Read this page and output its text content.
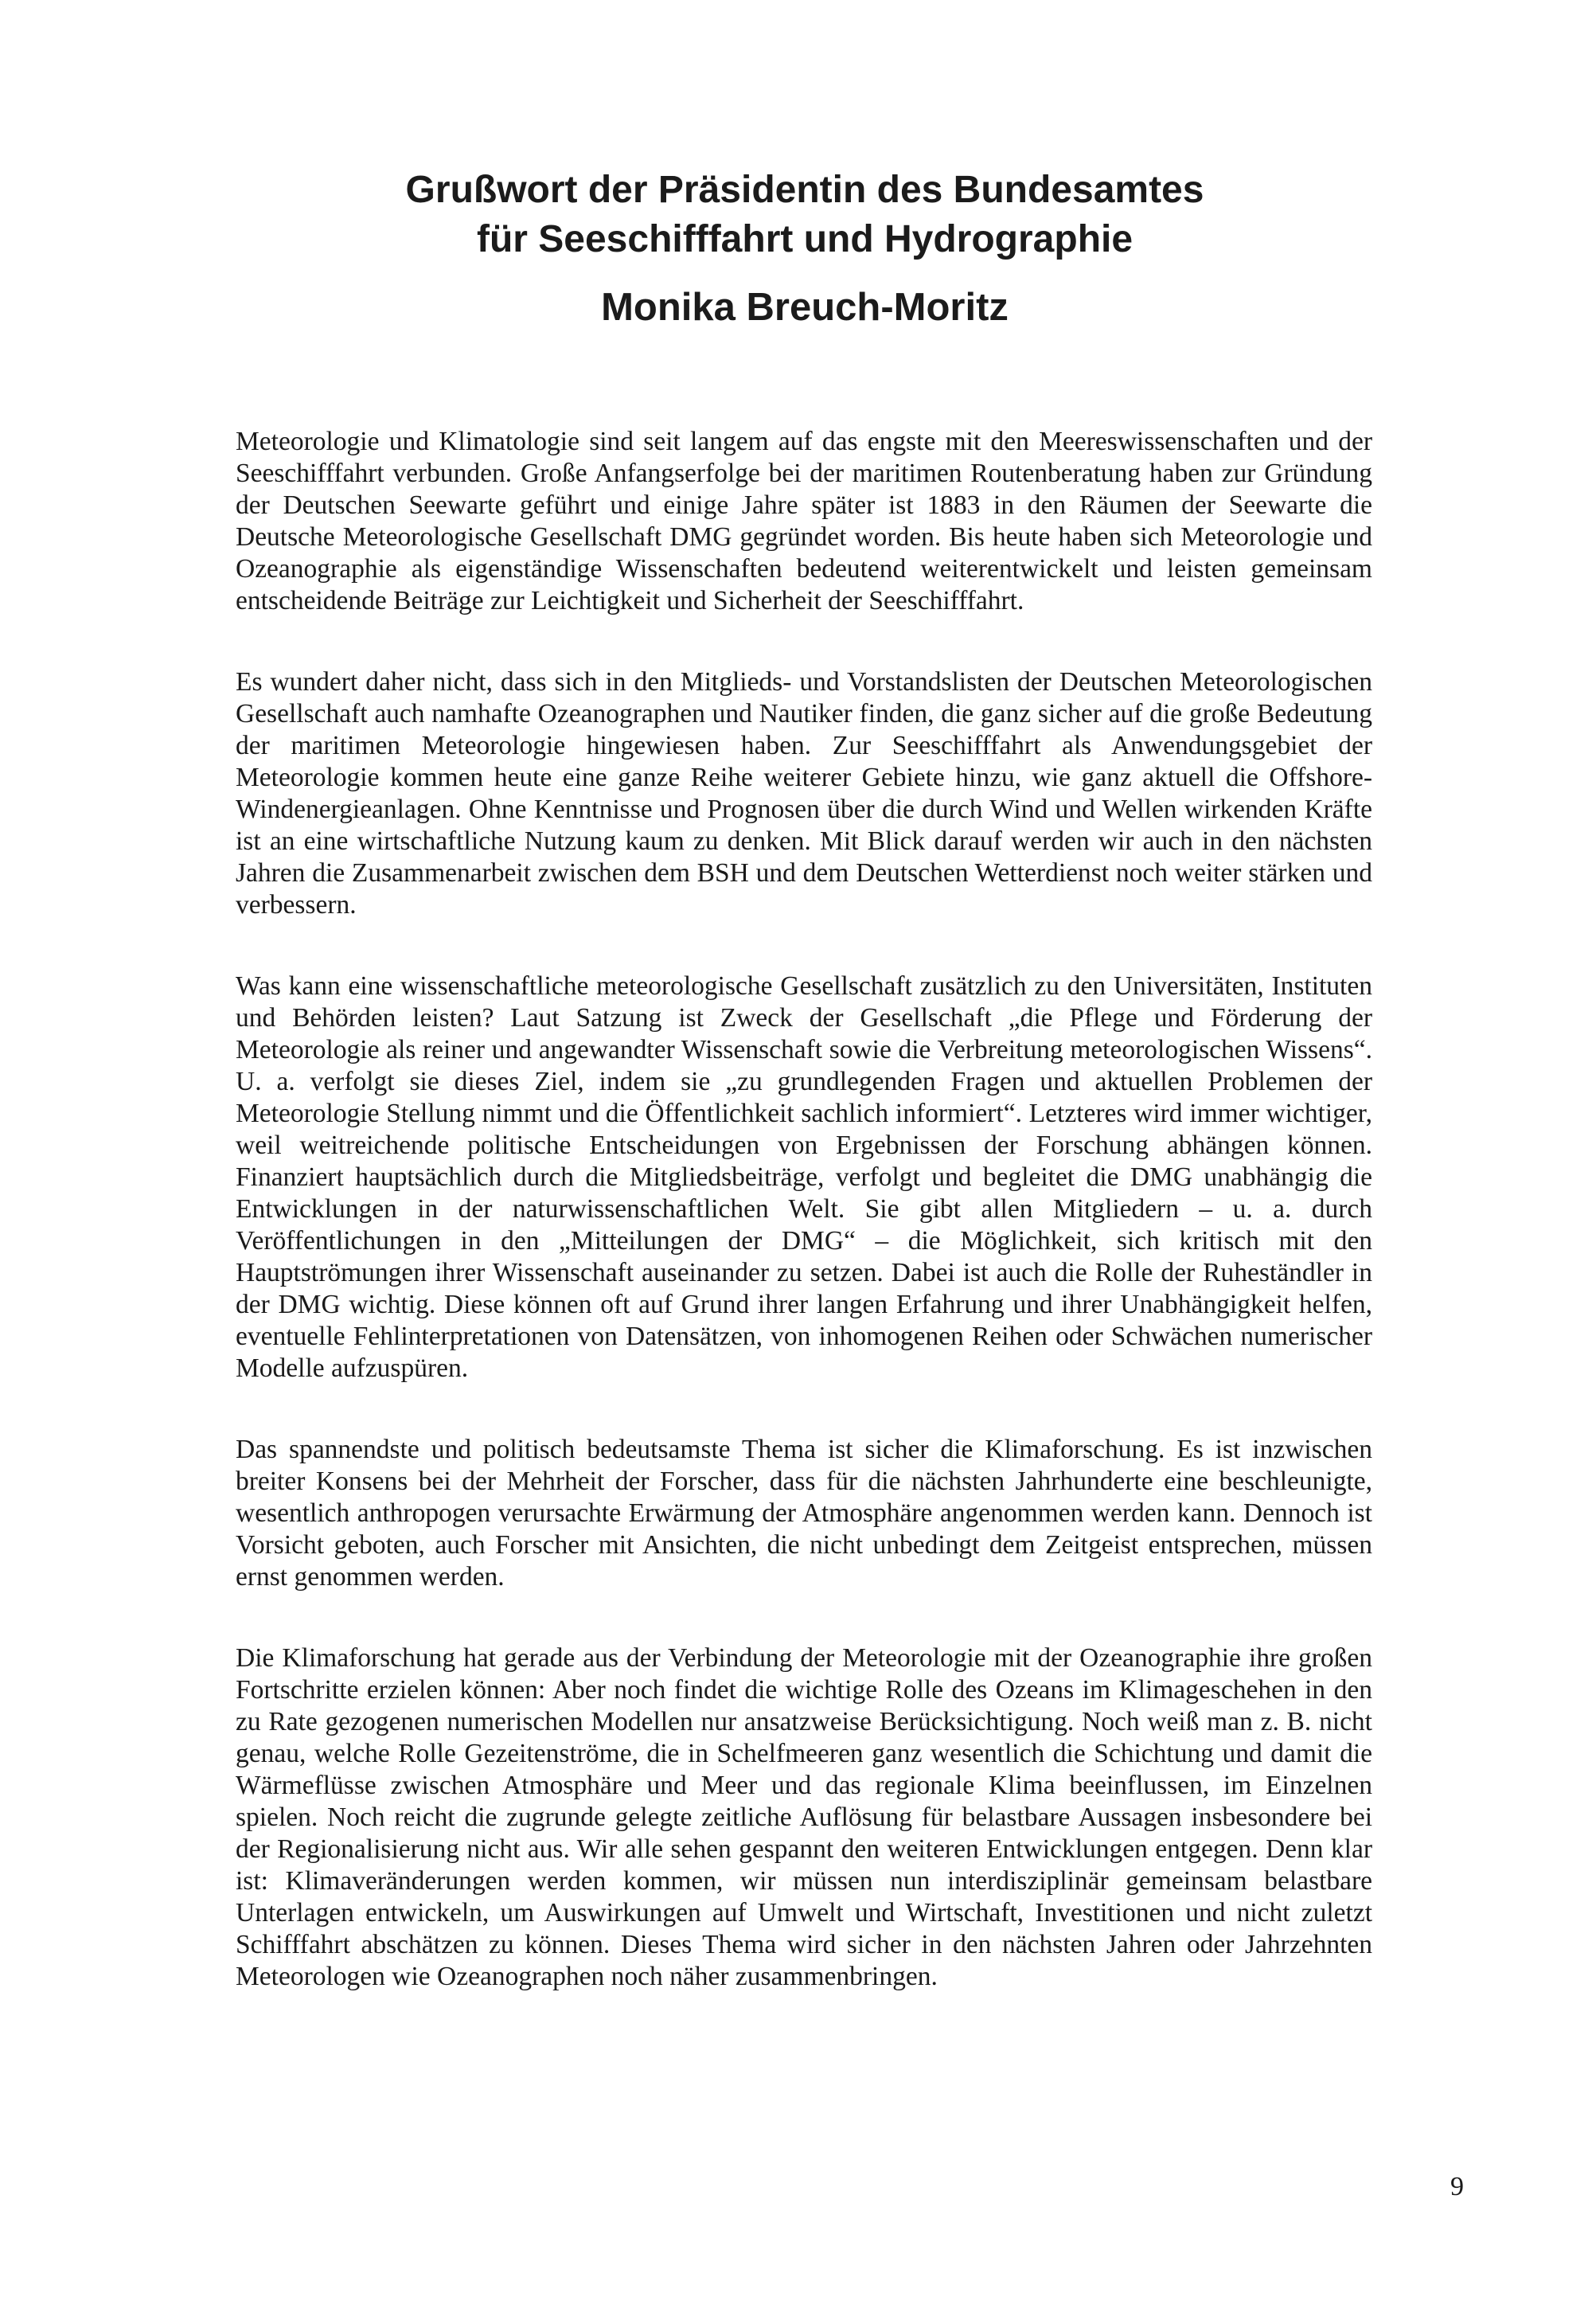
Grußwort der Präsidentin des Bundesamtes
für Seeschifffahrt und Hydrographie
Monika Breuch-Moritz

Meteorologie und Klimatologie sind seit langem auf das engste mit den Meereswissenschaften und der Seeschifffahrt verbunden. Große Anfangserfolge bei der maritimen Routenberatung haben zur Gründung der Deutschen Seewarte geführt und einige Jahre später ist 1883 in den Räumen der Seewarte die Deutsche Meteorologische Gesellschaft DMG gegründet worden. Bis heute haben sich Meteorologie und Ozeanographie als eigenständige Wissenschaften bedeutend weiterentwickelt und leisten gemeinsam entscheidende Beiträge zur Leichtigkeit und Sicherheit der Seeschifffahrt.

Es wundert daher nicht, dass sich in den Mitglieds- und Vorstandslisten der Deutschen Meteorologischen Gesellschaft auch namhafte Ozeanographen und Nautiker finden, die ganz sicher auf die große Bedeutung der maritimen Meteorologie hingewiesen haben. Zur Seeschifffahrt als Anwendungsgebiet der Meteorologie kommen heute eine ganze Reihe weiterer Gebiete hinzu, wie ganz aktuell die Offshore-Windenergieanlagen. Ohne Kenntnisse und Prognosen über die durch Wind und Wellen wirkenden Kräfte ist an eine wirtschaftliche Nutzung kaum zu denken. Mit Blick darauf werden wir auch in den nächsten Jahren die Zusammenarbeit zwischen dem BSH und dem Deutschen Wetterdienst noch weiter stärken und verbessern.

Was kann eine wissenschaftliche meteorologische Gesellschaft zusätzlich zu den Universitäten, Instituten und Behörden leisten? Laut Satzung ist Zweck der Gesellschaft „die Pflege und Förderung der Meteorologie als reiner und angewandter Wissenschaft sowie die Verbreitung meteorologischen Wissens“. U. a. verfolgt sie dieses Ziel, indem sie „zu grundlegenden Fragen und aktuellen Problemen der Meteorologie Stellung nimmt und die Öffentlichkeit sachlich informiert“. Letzteres wird immer wichtiger, weil weitreichende politische Entscheidungen von Ergebnissen der Forschung abhängen können. Finanziert hauptsächlich durch die Mitgliedsbeiträge, verfolgt und begleitet die DMG unabhängig die Entwicklungen in der naturwissenschaftlichen Welt. Sie gibt allen Mitgliedern – u. a. durch Veröffentlichungen in den „Mitteilungen der DMG“ – die Möglichkeit, sich kritisch mit den Hauptströmungen ihrer Wissenschaft auseinander zu setzen. Dabei ist auch die Rolle der Ruheständler in der DMG wichtig. Diese können oft auf Grund ihrer langen Erfahrung und ihrer Unabhängigkeit helfen, eventuelle Fehlinterpretationen von Datensätzen, von inhomogenen Reihen oder Schwächen numerischer Modelle aufzuspüren.

Das spannendste und politisch bedeutsamste Thema ist sicher die Klimaforschung. Es ist inzwischen breiter Konsens bei der Mehrheit der Forscher, dass für die nächsten Jahrhunderte eine beschleunigte, wesentlich anthropogen verursachte Erwärmung der Atmosphäre angenommen werden kann. Dennoch ist Vorsicht geboten, auch Forscher mit Ansichten, die nicht unbedingt dem Zeitgeist entsprechen, müssen ernst genommen werden.

Die Klimaforschung hat gerade aus der Verbindung der Meteorologie mit der Ozeanographie ihre großen Fortschritte erzielen können: Aber noch findet die wichtige Rolle des Ozeans im Klimageschehen in den zu Rate gezogenen numerischen Modellen nur ansatzweise Berücksichtigung. Noch weiß man z. B. nicht genau, welche Rolle Gezeitenströme, die in Schelfmeeren ganz wesentlich die Schichtung und damit die Wärmeflüsse zwischen Atmosphäre und Meer und das regionale Klima beeinflussen, im Einzelnen spielen. Noch reicht die zugrunde gelegte zeitliche Auflösung für belastbare Aussagen insbesondere bei der Regionalisierung nicht aus. Wir alle sehen gespannt den weiteren Entwicklungen entgegen. Denn klar ist: Klimaveränderungen werden kommen, wir müssen nun interdisziplinär gemeinsam belastbare Unterlagen entwickeln, um Auswirkungen auf Umwelt und Wirtschaft, Investitionen und nicht zuletzt Schifffahrt abschätzen zu können. Dieses Thema wird sicher in den nächsten Jahren oder Jahrzehnten Meteorologen wie Ozeanographen noch näher zusammenbringen.

9
